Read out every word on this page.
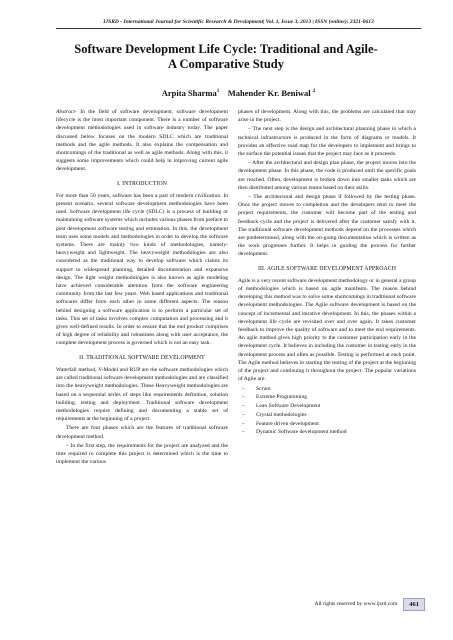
IJSRD - International Journal for Scientific Research & Development| Vol. 1, Issue 3, 2013 | ISSN (online): 2321-0613
Software Development Life Cycle: Traditional and Agile-
A Comparative Study
Arpita Sharma$^1$ Mahender Kr. Beniwal $^2$

Abstract- In the field of software development, software development lifecycle is the most important component. There is a number of software development methodologies used in software industry today. The paper discussed below focuses on the modern SDLC which are traditional methods and the agile methods. It also explains the compensation and shortcomings of the traditional as well as agile methods. Along with this, it suggests some improvements which could help in improving current agile development.

I. INTRODUCTION

For more than 50 years, software has been a part of modern civilization. In present scenario, several software development methodologies have been used. Software development life cycle (SDLC) is a process of building or maintaining software systems which includes various phases from preface to post development software testing and estimation. In this, the development team uses some models and methodologies in order to develop the software systems. There are mainly two kinds of methodologies, namely- heavyweight and lightweight. The heavyweight methodologies are also considered as the traditional way to develop software which claims its support to widespread planning, detailed documentation and expansive design. The light weight methodologies is also known as agile modeling have achieved considerable attention from the software engineering community from the last few years. Web based applications and traditional softwares differ from each other in some different aspects. The reason behind designing a software application is to perform a particular set of tasks. This set of tasks involves complex computation and processing and it gives well-defined results. In order to ensure that the end product comprises of high degree of reliability and robustness along with user acceptance, the complete development process is governed which is not an easy task.

II. TRADITIONAL SOFTWARE DEVELOPMENT

Waterfall method, V-Model and RUP are the software methodologies which are called traditional software development methodologies and are classified into the heavyweight methodologies. These Heavyweight methodologies are based on a sequential series of steps like requirements definition, solution building, testing and deployment. Traditional software development methodologies require defining and documenting a stable set of requirements at the beginning of a project.

There are four phases which are the features of traditional software development method.

– In the first step, the requirements for the project are analyzed and the time required to complete this project is determined which is the time to implement the various

phases of development. Along with this, the problems are calculated that may arise in the project.

– The next step is the design and architectural planning phase in which a technical infrastructure is produced in the form of diagrams or models. It provides an effective road map for the developers to implement and brings to the surface the potential issues that the project may face as it proceeds.

– After the architectural and design plan phase, the project moves into the development phase. In this phase, the code is produced until the specific goals are reached. Often, development is broken down into smaller tasks which are then distributed among various teams based on their skills.

– The architectural and design phase if followed by the testing phase. Once the project moves to completion and the developers tend to meet the project requirements, the customer will become part of the testing and feedback cycle and the project is delivered after the customer satisfy with it. The traditional software development methods depend on the processes which are predetermined, along with the on-going documentation which is written as the work progresses further. It helps in guiding the process for further development.

III. AGILE SOFTWARE DEVELOPMENT APPROACH

Agile is a very recent software development methodology or in general a group of methodologies which is based on agile manifesto. The reason behind developing this method was to solve some shortcomings in traditional software development methodologies. The Agile software development is based on the concept of incremental and iterative development. In this, the phases within a development life cycle are revisited over and over again. It takes customer feedback to improve the quality of software and to meet the end requirements. An agile method gives high priority to the customer participation early in the development cycle. It believes in including the customer in testing early in the development process and often as possible. Testing is performed at each point. The Agile method believes in starting the testing of the project at the beginning of the project and continuing it throughout the project. The popular variations of Agile are:

– Scrum
– Extreme Programming
– Lean Software Development
– Crystal methodologies
– Feature driven development
– Dynamic Software development method
All rights reserved by www.ijsrd.com	461
